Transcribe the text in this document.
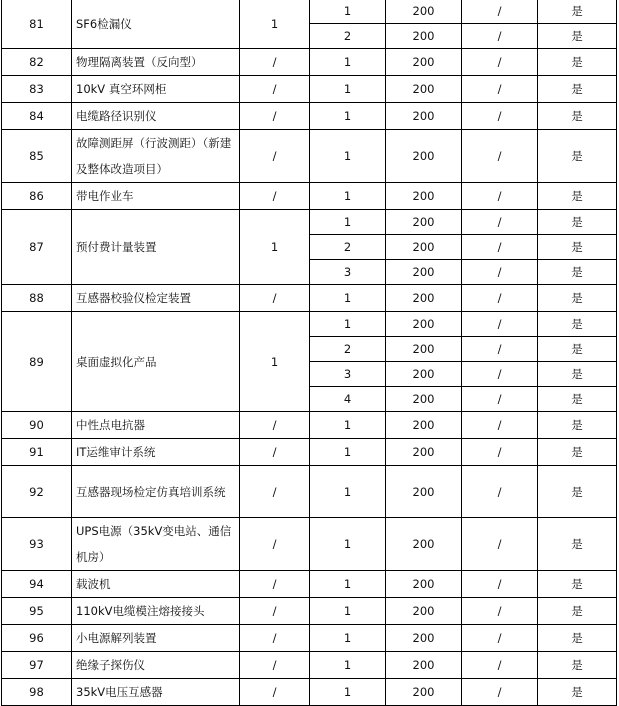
81	SF6检漏仪	1	1	200	/	是
			2	200	/	是
82	物理隔离装置（反向型）	/	1	200	/	是
83	10kV 真空环网柜	/	1	200	/	是
84	电缆路径识别仪	/	1	200	/	是
85	故障测距屏（行波测距）（新建及整体改造项目）	/	1	200	/	是
86	带电作业车	/	1	200	/	是
87	预付费计量装置	1	1	200	/	是
			2	200	/	是
			3	200	/	是
88	互感器校验仪检定装置	/	1	200	/	是
89	桌面虚拟化产品	1	1	200	/	是
			2	200	/	是
			3	200	/	是
			4	200	/	是
90	中性点电抗器	/	1	200	/	是
91	IT运维审计系统	/	1	200	/	是
92	互感器现场检定仿真培训系统	/	1	200	/	是
93	UPS电源（35kV变电站、通信机房）	/	1	200	/	是
94	载波机	/	1	200	/	是
95	110kV电缆模注熔接接头	/	1	200	/	是
96	小电源解列装置	/	1	200	/	是
97	绝缘子探伤仪	/	1	200	/	是
98	35kV电压互感器	/	1	200	/	是
